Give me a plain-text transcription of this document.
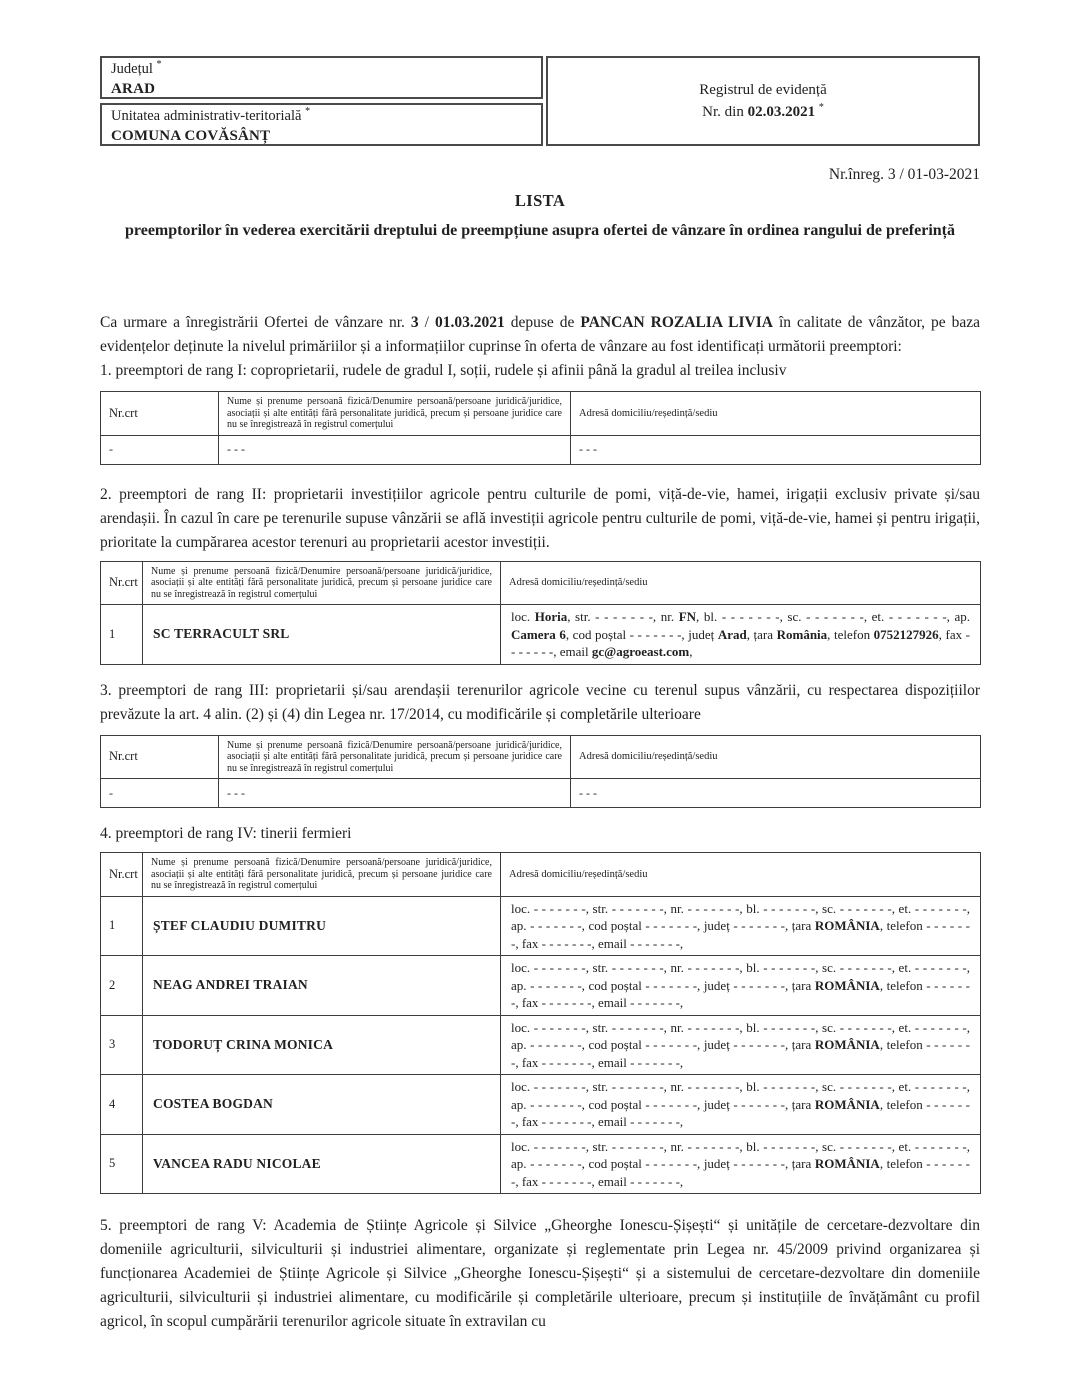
Județul *
ARAD
Unitatea administrativ-teritorială *
COMUNA COVĂSÂNȚ
Registrul de evidență
Nr. din 02.03.2021 *
Nr.înreg. 3 / 01-03-2021
LISTA
preemptorilor în vederea exercitării dreptului de preempțiune asupra ofertei de vânzare în ordinea rangului de preferință

Ca urmare a înregistrării Ofertei de vânzare nr. 3 / 01.03.2021 depuse de PANCAN ROZALIA LIVIA în calitate de vânzător, pe baza evidențelor deținute la nivelul primăriilor și a informațiilor cuprinse în oferta de vânzare au fost identificați următorii preemptori:

1. preemptori de rang I: coproprietarii, rudele de gradul I, soții, rudele și afinii până la gradul al treilea inclusiv

Nr.crt	Nume și prenume persoană fizică/Denumire persoană/persoane juridică/juridice, asociații și alte entități fără personalitate juridică, precum și persoane juridice care nu se înregistrează în registrul comerțului	Adresă domiciliu/reședință/sediu
-	- - -	- - -

2. preemptori de rang II: proprietarii investițiilor agricole pentru culturile de pomi, viță-de-vie, hamei, irigații exclusiv private și/sau arendașii. În cazul în care pe terenurile supuse vânzării se află investiții agricole pentru culturile de pomi, viță-de-vie, hamei și pentru irigații, prioritate la cumpărarea acestor terenuri au proprietarii acestor investiții.

Nr.crt	Nume și prenume persoană fizică/Denumire persoană/persoane juridică/juridice, asociații și alte entități fără personalitate juridică, precum și persoane juridice care nu se înregistrează în registrul comerțului	Adresă domiciliu/reședință/sediu
1	SC TERRACULT SRL	loc. Horia, str. - - - - - - -, nr. FN, bl. - - - - - - -, sc. - - - - - - -, et. - - - - - - -, ap. Camera 6, cod poștal - - - - - - -, județ Arad, țara România, telefon 0752127926, fax - - - - - - -, email gc@agroeast.com,

3. preemptori de rang III: proprietarii și/sau arendașii terenurilor agricole vecine cu terenul supus vânzării, cu respectarea dispozițiilor prevăzute la art. 4 alin. (2) și (4) din Legea nr. 17/2014, cu modificările și completările ulterioare

Nr.crt	Nume și prenume persoană fizică/Denumire persoană/persoane juridică/juridice, asociații și alte entități fără personalitate juridică, precum și persoane juridice care nu se înregistrează în registrul comerțului	Adresă domiciliu/reședință/sediu
-	- - -	- - -

4. preemptori de rang IV: tinerii fermieri

Nr.crt	Nume și prenume persoană fizică/Denumire persoană/persoane juridică/juridice, asociații și alte entități fără personalitate juridică, precum și persoane juridice care nu se înregistrează în registrul comerțului	Adresă domiciliu/reședință/sediu
1	ȘTEF CLAUDIU DUMITRU	loc. - - - - - - -, str. - - - - - - -, nr. - - - - - - -, bl. - - - - - - -, sc. - - - - - - -, et. - - - - - - -, ap. - - - - - - -, cod poștal - - - - - - -, județ - - - - - - -, țara ROMÂNIA, telefon - - - - - - -, fax - - - - - - -, email - - - - - - -,
2	NEAG ANDREI TRAIAN	loc. - - - - - - -, str. - - - - - - -, nr. - - - - - - -, bl. - - - - - - -, sc. - - - - - - -, et. - - - - - - -, ap. - - - - - - -, cod poștal - - - - - - -, județ - - - - - - -, țara ROMÂNIA, telefon - - - - - - -, fax - - - - - - -, email - - - - - - -,
3	TODORUȚ CRINA MONICA	loc. - - - - - - -, str. - - - - - - -, nr. - - - - - - -, bl. - - - - - - -, sc. - - - - - - -, et. - - - - - - -, ap. - - - - - - -, cod poștal - - - - - - -, județ - - - - - - -, țara ROMÂNIA, telefon - - - - - - -, fax - - - - - - -, email - - - - - - -,
4	COSTEA BOGDAN	loc. - - - - - - -, str. - - - - - - -, nr. - - - - - - -, bl. - - - - - - -, sc. - - - - - - -, et. - - - - - - -, ap. - - - - - - -, cod poștal - - - - - - -, județ - - - - - - -, țara ROMÂNIA, telefon - - - - - - -, fax - - - - - - -, email - - - - - - -,
5	VANCEA RADU NICOLAE	loc. - - - - - - -, str. - - - - - - -, nr. - - - - - - -, bl. - - - - - - -, sc. - - - - - - -, et. - - - - - - -, ap. - - - - - - -, cod poștal - - - - - - -, județ - - - - - - -, țara ROMÂNIA, telefon - - - - - - -, fax - - - - - - -, email - - - - - - -,

5. preemptori de rang V: Academia de Științe Agricole și Silvice „Gheorghe Ionescu-Șișești“ și unitățile de cercetare-dezvoltare din domeniile agriculturii, silviculturii și industriei alimentare, organizate și reglementate prin Legea nr. 45/2009 privind organizarea și funcționarea Academiei de Științe Agricole și Silvice „Gheorghe Ionescu-Șișești“ și a sistemului de cercetare-dezvoltare din domeniile agriculturii, silviculturii și industriei alimentare, cu modificările și completările ulterioare, precum și instituțiile de învățământ cu profil agricol, în scopul cumpărării terenurilor agricole situate în extravilan cu
